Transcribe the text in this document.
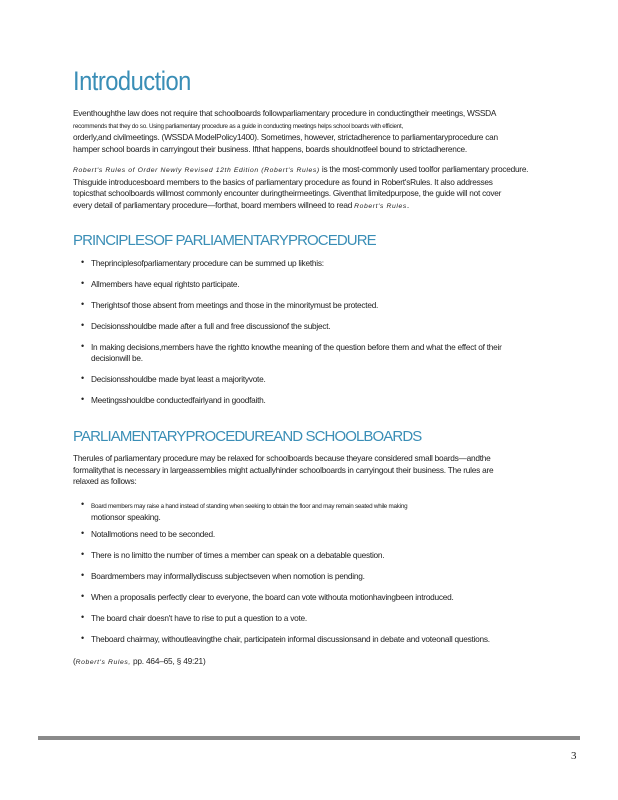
Introduction

Eventhoughthe law does not require that schoolboards followparliamentary procedure in conductingtheir meetings, WSSDA
recommends that they do so. Using parliamentary procedure as a guide in conducting meetings helps school boards with efficient,
orderly,and civilmeetings. (WSSDA ModelPolicy1400). Sometimes, however, strictadherence to parliamentaryprocedure can
hamper school boards in carryingout their business. Ifthat happens, boards shouldnotfeel bound to strictadherence.

Robert's Rules of Order Newly Revised 12th Edition (Robert's Rules) is the most-commonly used toolfor parliamentary procedure.
Thisguide introducesboard members to the basics of parliamentary procedure as found in Robert'sRules. It also addresses
topicsthat schoolboards willmost commonly encounter duringtheirmeetings. Giventhat limitedpurpose, the guide will not cover
every detail of parliamentary procedure—forthat, board members willneed to read Robert's Rules.

PRINCIPLESOF PARLIAMENTARYPROCEDURE
• Theprinciplesofparliamentary procedure can be summed up likethis:
• Allmembers have equal rightsto participate.
• Therightsof those absent from meetings and those in the minoritymust be protected.
• Decisionsshouldbe made after a full and free discussionof the subject.
• In making decisions,members have the rightto knowthe meaning of the question before them and what the effect of their
decisionwill be.
• Decisionsshouldbe made byat least a majorityvote.
• Meetingsshouldbe conductedfairlyand in goodfaith.
PARLIAMENTARYPROCEDUREAND SCHOOLBOARDS

Therules of parliamentary procedure may be relaxed for schoolboards because theyare considered small boards—andthe
formalitythat is necessary in largeassemblies might actuallyhinder schoolboards in carryingout their business. The rules are
relaxed as follows:

• Board members may raise a hand instead of standing when seeking to obtain the floor and may remain seated while making
motionsor speaking.
• Notallmotions need to be seconded.
• There is no limitto the number of times a member can speak on a debatable question.
• Boardmembers may informallydiscuss subjectseven when nomotion is pending.
• When a proposalis perfectly clear to everyone, the board can vote withouta motionhavingbeen introduced.
• The board chair doesn't have to rise to put a question to a vote.
• Theboard chairmay, withoutleavingthe chair, participatein informal discussionsand in debate and voteonall questions.

(Robert's Rules, pp. 464–65, § 49:21)

3
